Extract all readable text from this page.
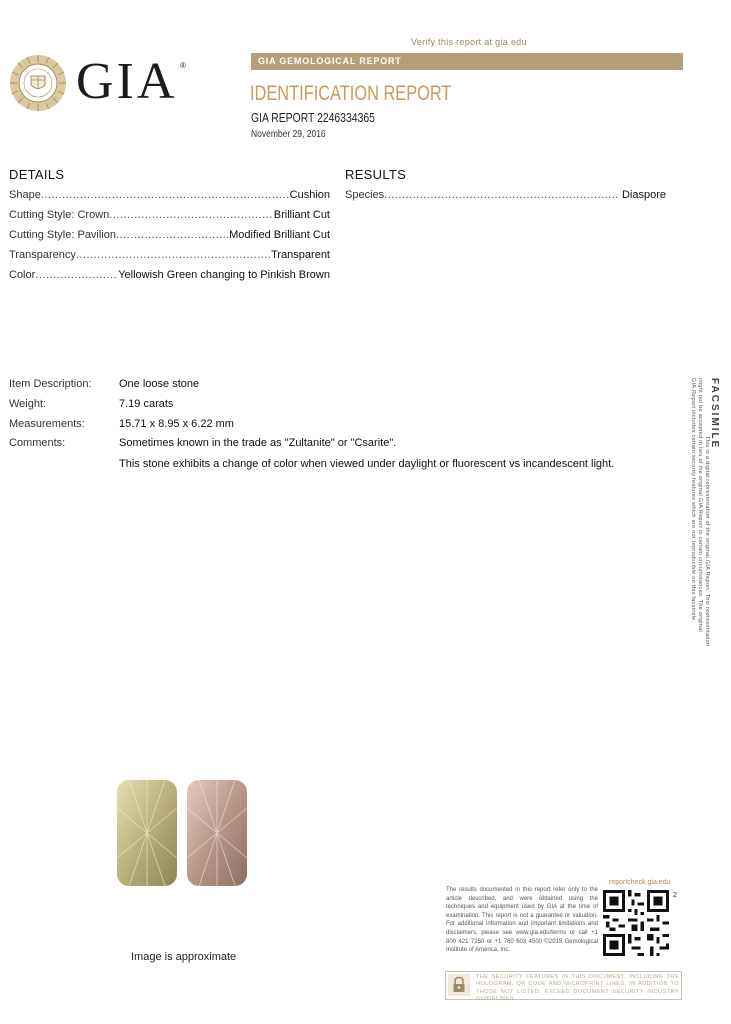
Verify this report at gia.edu
GIA ®	GIA GEMOLOGICAL REPORT
IDENTIFICATION REPORT
GIA REPORT 2246334365
November 29, 2016
DETAILS
Shape .....	Cushion
Cutting Style: Crown .....	Brilliant Cut
Cutting Style: Pavilion .....	Modified Brilliant Cut
Transparency .....	Transparent
Color .....	Yellowish Green changing to Pinkish Brown
RESULTS
Species .....	Diaspore
Item Description: One loose stone
Weight:	7.19 carats
Measurements:	15.71 x 8.95 x 6.22 mm
Comments:	Sometimes known in the trade as "Zultanite" or "Csarite".
This stone exhibits a change of color when viewed under daylight or fluorescent vs incandescent light.
FACSIMILE
This is a digital representation of the original GIA Report. This representation
might not be accepted in lieu of the original GIA Report in certain circumstances. The original
GIA Report includes certain security features which are not reproducible on this facsimile.
Image is approximate
The results documented in this report refer only to the article described, and were obtained using the techniques and equipment used by GIA at the time of examination. This report is not a guarantee or valuation. For additional information and important limitations and disclaimers, please see www.gia.edu/terms or call +1 800 421 7250 or +1 760 603 4500 ©2015 Gemological Institute of America, Inc.
reportcheck.gia.edu
2
THE SECURITY FEATURES IN THIS DOCUMENT, INCLUDING THE HOLOGRAM, QR CODE AND MICROPRINT LINES, IN ADDITION TO THOSE NOT LISTED, EXCEED DOCUMENT SECURITY INDUSTRY GUIDELINES.
